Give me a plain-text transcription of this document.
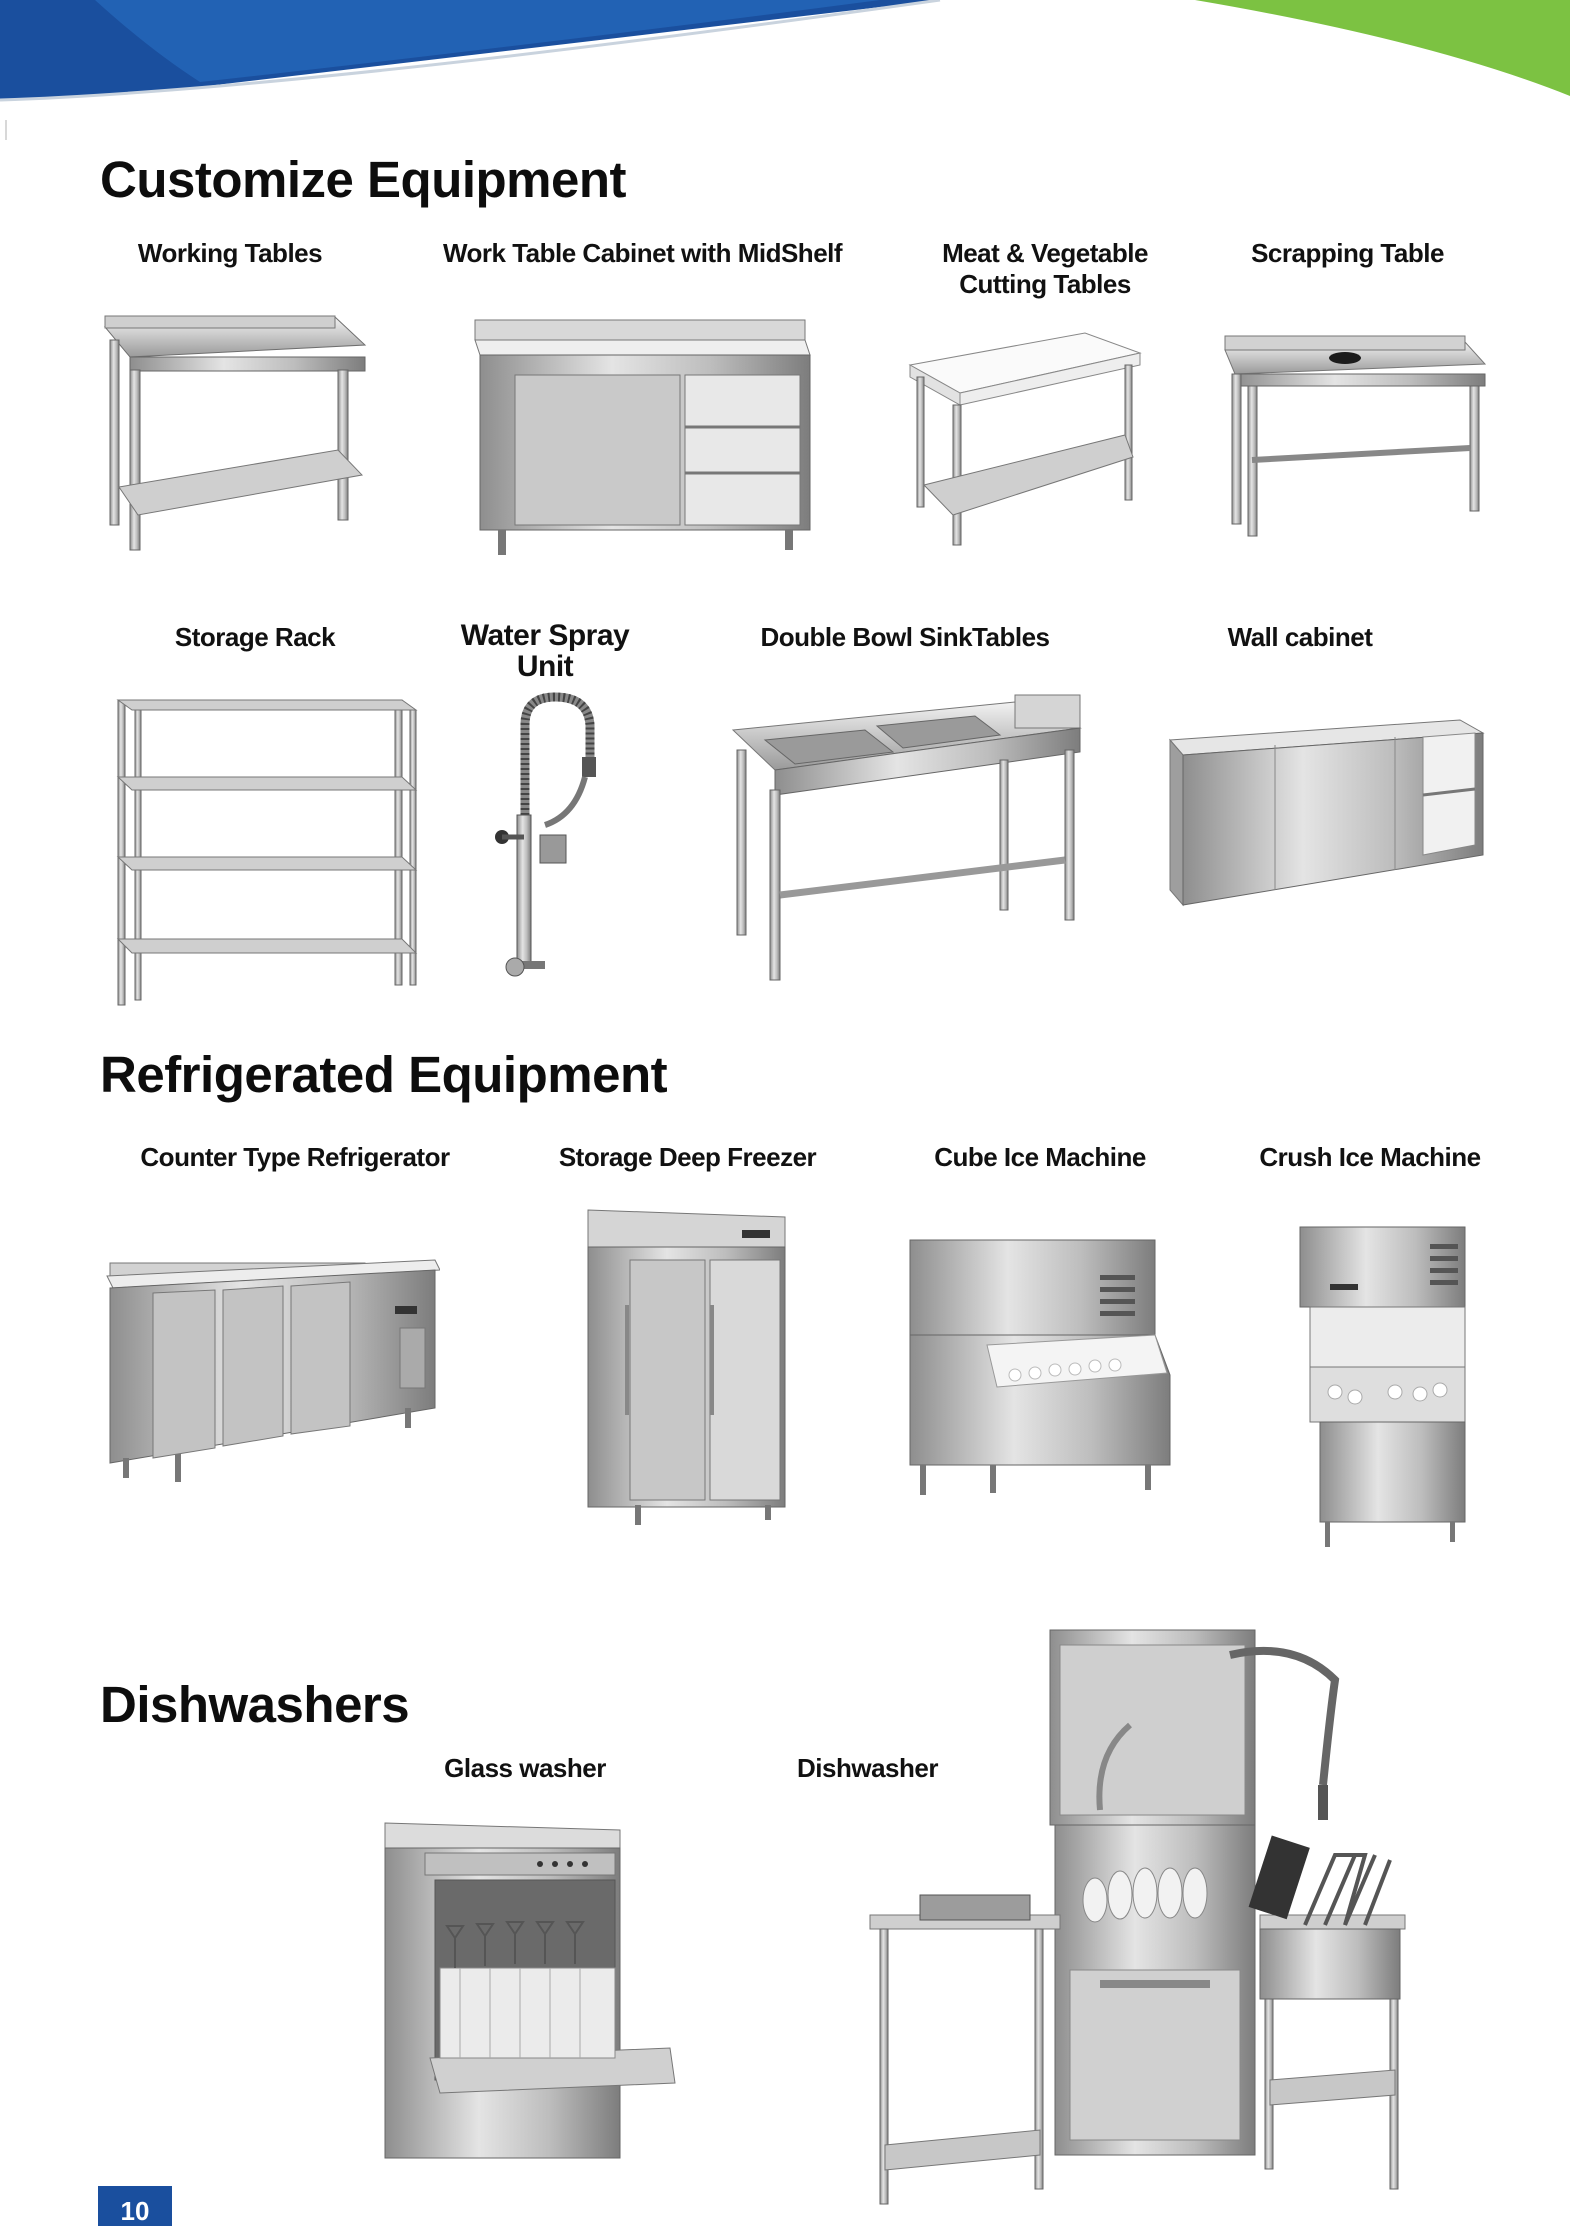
Customize Equipment
Working Tables	Work Table Cabinet with MidShelf	Meat & Vegetable
Cutting Tables
Scrapping Table
Storage Rack	Water Spray Unit
Double Bowl SinkTables	Wall cabinet
Refrigerated Equipment
Counter Type Refrigerator	Storage Deep Freezer	Cube Ice Machine	Crush Ice Machine
Dishwashers
Glass washer	Dishwasher
10
